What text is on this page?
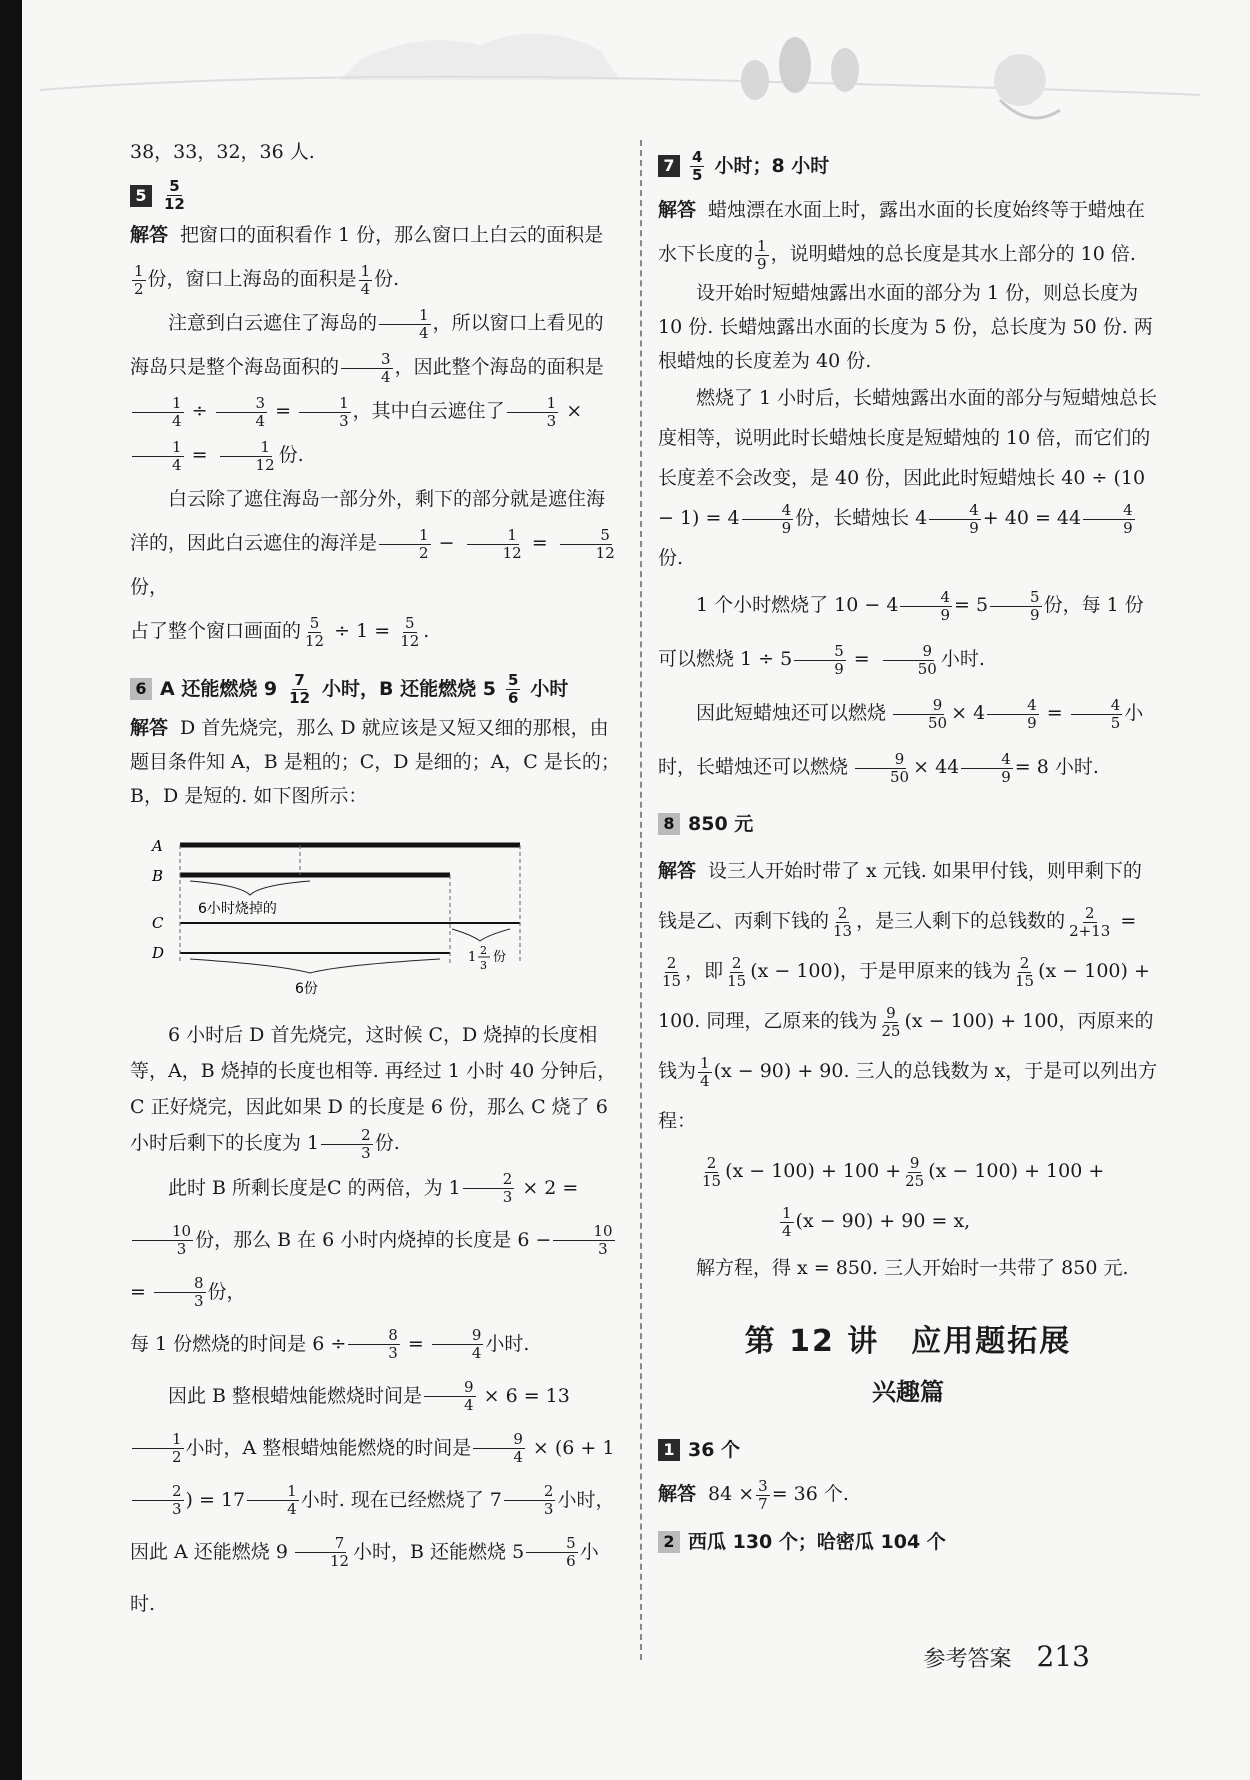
38，33，32，36 人.

5	$\frac{5}{12}$

解答 把窗口的面积看作 1 份，那么窗口上白云的面积是
$\frac{1}{2}$ 份，窗口上海岛的面积是 $\frac{1}{4}$ 份.

注意到白云遮住了海岛的 $\frac{1}{4}$ ，所以窗口上看见的海岛只是整个海岛面积的 $\frac{3}{4}$ ，因此整个海岛的面积是

$\frac{1}{4} \div \frac{3}{4} = \frac{1}{3}$ ，其中白云遮住了 $\frac{1}{3}$ ×
$\frac{1}{4} = \frac{1}{12}$ 份.

白云除了遮住海岛一部分外，剩下的部分就是遮住海洋的，因此白云遮住的海洋是 $\frac{1}{2} - \frac{1}{12} = \frac{5}{12}$
份，

占了整个窗口画面的 $\frac{5}{12} \div 1 = \frac{5}{12}$ .

6 A 还能燃烧 $9 \frac{7}{12}$ 小时，B 还能燃烧 $5 \frac{5}{6}$ 小时

解答 D 首先烧完，那么 D 就应该是又短又细的那根，由题目条件知 A，B 是粗的；C，D 是细的；A，C 是长的；B，D 是短的. 如下图所示：

A
B
C
D
6小时烧掉的
6份
1 2
3
份

6 小时后 D 首先烧完，这时候 C，D 烧掉的长度相等，A，B 烧掉的长度也相等. 再经过 1 小时 40 分钟后，C 正好烧完，因此如果 D 的长度是 6 份，那么 C 烧了 6 小时后剩下的长度为 $1 \frac{2}{3}$ 份.

此时 B 所剩长度是C 的两倍，为 $1 \frac{2}{3} \times 2$ =
$\frac{10}{3}$ 份，那么 B 在 6 小时内烧掉的长度是 $6 - \frac{10}{3}$
= $\frac{8}{3}$ 份，
每 1 份燃烧的时间是 $6 \div \frac{8}{3} = \frac{9}{4}$ 小时.

因此 B 整根蜡烛能燃烧时间是 $\frac{9}{4} \times 6 = 13$
$\frac{1}{2}$ 小时，A 整根蜡烛能燃烧的时间是 $\frac{9}{4} \times (6 + 1$
$\frac{2}{3}$ ) = $17 \frac{1}{4}$ 小时. 现在已经燃烧了 $7 \frac{2}{3}$ 小时，因此 A 还能燃烧 $9 \frac{7}{12}$ 小时，B 还能燃烧 $5 \frac{5}{6}$ 小时.

7	$\frac{4}{5}$ 小时；8 小时

解答 蜡烛漂在水面上时，露出水面的长度始终等于蜡烛在水下长度的 $\frac{1}{9}$ ，说明蜡烛的总长度是其水上部分的 10 倍.

设开始时短蜡烛露出水面的部分为 1 份，则总长度为 10 份. 长蜡烛露出水面的长度为 5 份，总长度为 50 份. 两根蜡烛的长度差为 40 份.

燃烧了 1 小时后，长蜡烛露出水面的部分与短蜡烛总长度相等，说明此时长蜡烛长度是短蜡烛的 10 倍，而它们的长度差不会改变，是 40 份，因此此时短蜡烛长 $40 \div (10 - 1) = 4 \frac{4}{9}$ 份，长蜡烛长 $4 \frac{4}{9} + 40 = 44 \frac{4}{9}$
份.

1 个小时燃烧了 $10 - 4 \frac{4}{9} = 5 \frac{5}{9}$ 份，每 1 份可以燃烧 $1 \div 5 \frac{5}{9} = \frac{9}{50}$ 小时.

因此短蜡烛还可以燃烧 $\frac{9}{50} \times 4 \frac{4}{9} = \frac{4}{5}$ 小时，长蜡烛还可以燃烧 $\frac{9}{50} \times 44 \frac{4}{9} = 8$ 小时.

8 850 元

解答 设三人开始时带了 x 元钱. 如果甲付钱，则甲剩下的钱是乙、丙剩下钱的 $\frac{2}{13}$ ，是三人剩下的总钱数的 $\frac{2}{2+13}$ =
$\frac{2}{15}$ ，即 $\frac{2}{15} (x - 100)$，于是甲原来的钱为 $\frac{2}{15} (x - 100) + 100$. 同理，乙原来的钱为 $\frac{9}{25} (x - 100) + 100$，丙原来的钱为 $\frac{1}{4} (x - 90) + 90$. 三人的总钱数为 x，于是可以列出方程：

$\frac{2}{15} (x - 100) + 100 + \frac{9}{25} (x - 100) + 100$ +

$\frac{1}{4} (x - 90) + 90 = x$,

解方程，得 x = 850. 三人开始时一共带了 850 元.

第 12 讲　应用题拓展
兴趣篇
1 36 个

解答 $84 \times \frac{3}{7} = 36$ 个.

2 西瓜 130 个；哈密瓜 104 个
参考答案 213
